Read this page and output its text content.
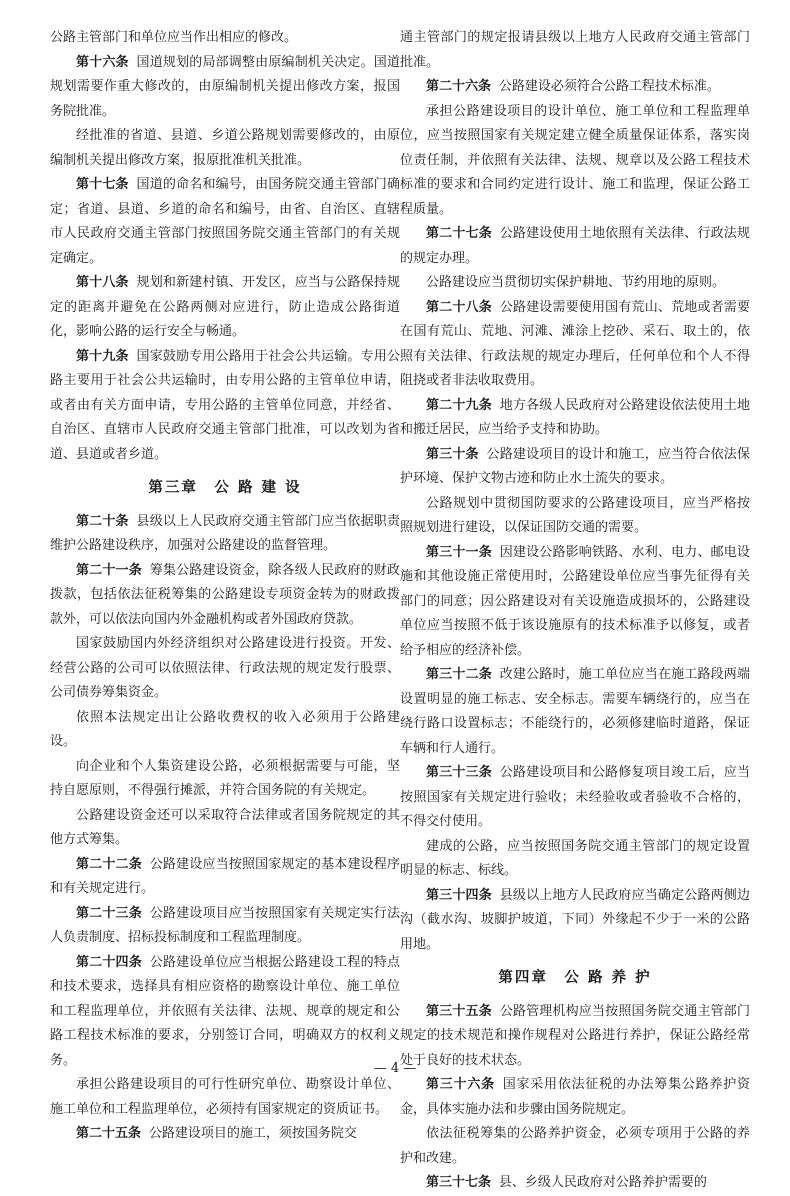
公路主管部门和单位应当作出相应的修改。

第十六条 国道规划的局部调整由原编制机关决定。国道规划需要作重大修改的，由原编制机关提出修改方案，报国务院批准。

经批准的省道、县道、乡道公路规划需要修改的，由原编制机关提出修改方案，报原批准机关批准。

第十七条 国道的命名和编号，由国务院交通主管部门确定；省道、县道、乡道的命名和编号，由省、自治区、直辖市人民政府交通主管部门按照国务院交通主管部门的有关规定确定。

第十八条 规划和新建村镇、开发区，应当与公路保持规定的距离并避免在公路两侧对应进行，防止造成公路街道化，影响公路的运行安全与畅通。

第十九条 国家鼓励专用公路用于社会公共运输。专用公路主要用于社会公共运输时，由专用公路的主管单位申请，或者由有关方面申请，专用公路的主管单位同意，并经省、自治区、直辖市人民政府交通主管部门批准，可以改划为省道、县道或者乡道。

第三章　公 路 建 设

第二十条 县级以上人民政府交通主管部门应当依据职责维护公路建设秩序，加强对公路建设的监督管理。

第二十一条 筹集公路建设资金，除各级人民政府的财政拨款，包括依法征税筹集的公路建设专项资金转为的财政拨款外，可以依法向国内外金融机构或者外国政府贷款。

国家鼓励国内外经济组织对公路建设进行投资。开发、经营公路的公司可以依照法律、行政法规的规定发行股票、公司债券筹集资金。

依照本法规定出让公路收费权的收入必须用于公路建设。

向企业和个人集资建设公路，必须根据需要与可能，坚持自愿原则，不得强行摊派，并符合国务院的有关规定。

公路建设资金还可以采取符合法律或者国务院规定的其他方式筹集。

第二十二条 公路建设应当按照国家规定的基本建设程序和有关规定进行。

第二十三条 公路建设项目应当按照国家有关规定实行法人负责制度、招标投标制度和工程监理制度。

第二十四条 公路建设单位应当根据公路建设工程的特点和技术要求，选择具有相应资格的勘察设计单位、施工单位和工程监理单位，并依照有关法律、法规、规章的规定和公路工程技术标准的要求，分别签订合同，明确双方的权利义务。

承担公路建设项目的可行性研究单位、勘察设计单位、施工单位和工程监理单位，必须持有国家规定的资质证书。

第二十五条 公路建设项目的施工，须按国务院交

通主管部门的规定报请县级以上地方人民政府交通主管部门批准。

第二十六条 公路建设必须符合公路工程技术标准。

承担公路建设项目的设计单位、施工单位和工程监理单位，应当按照国家有关规定建立健全质量保证体系，落实岗位责任制，并依照有关法律、法规、规章以及公路工程技术标准的要求和合同约定进行设计、施工和监理，保证公路工程质量。

第二十七条 公路建设使用土地依照有关法律、行政法规的规定办理。

公路建设应当贯彻切实保护耕地、节约用地的原则。

第二十八条 公路建设需要使用国有荒山、荒地或者需要在国有荒山、荒地、河滩、滩涂上挖砂、采石、取土的，依照有关法律、行政法规的规定办理后，任何单位和个人不得阻挠或者非法收取费用。

第二十九条 地方各级人民政府对公路建设依法使用土地和搬迁居民，应当给予支持和协助。

第三十条 公路建设项目的设计和施工，应当符合依法保护环境、保护文物古迹和防止水土流失的要求。

公路规划中贯彻国防要求的公路建设项目，应当严格按照规划进行建设，以保证国防交通的需要。

第三十一条 因建设公路影响铁路、水利、电力、邮电设施和其他设施正常使用时，公路建设单位应当事先征得有关部门的同意；因公路建设对有关设施造成损坏的，公路建设单位应当按照不低于该设施原有的技术标准予以修复，或者给予相应的经济补偿。

第三十二条 改建公路时，施工单位应当在施工路段两端设置明显的施工标志、安全标志。需要车辆绕行的，应当在绕行路口设置标志；不能绕行的，必须修建临时道路，保证车辆和行人通行。

第三十三条 公路建设项目和公路修复项目竣工后，应当按照国家有关规定进行验收；未经验收或者验收不合格的，不得交付使用。

建成的公路，应当按照国务院交通主管部门的规定设置明显的标志、标线。

第三十四条 县级以上地方人民政府应当确定公路两侧边沟（截水沟、坡脚护坡道，下同）外缘起不少于一米的公路用地。

第四章　公 路 养 护

第三十五条 公路管理机构应当按照国务院交通主管部门规定的技术规范和操作规程对公路进行养护，保证公路经常处于良好的技术状态。

第三十六条 国家采用依法征税的办法筹集公路养护资金，具体实施办法和步骤由国务院规定。

依法征税筹集的公路养护资金，必须专项用于公路的养护和改建。

第三十七条 县、乡级人民政府对公路养护需要的

— 4 —
